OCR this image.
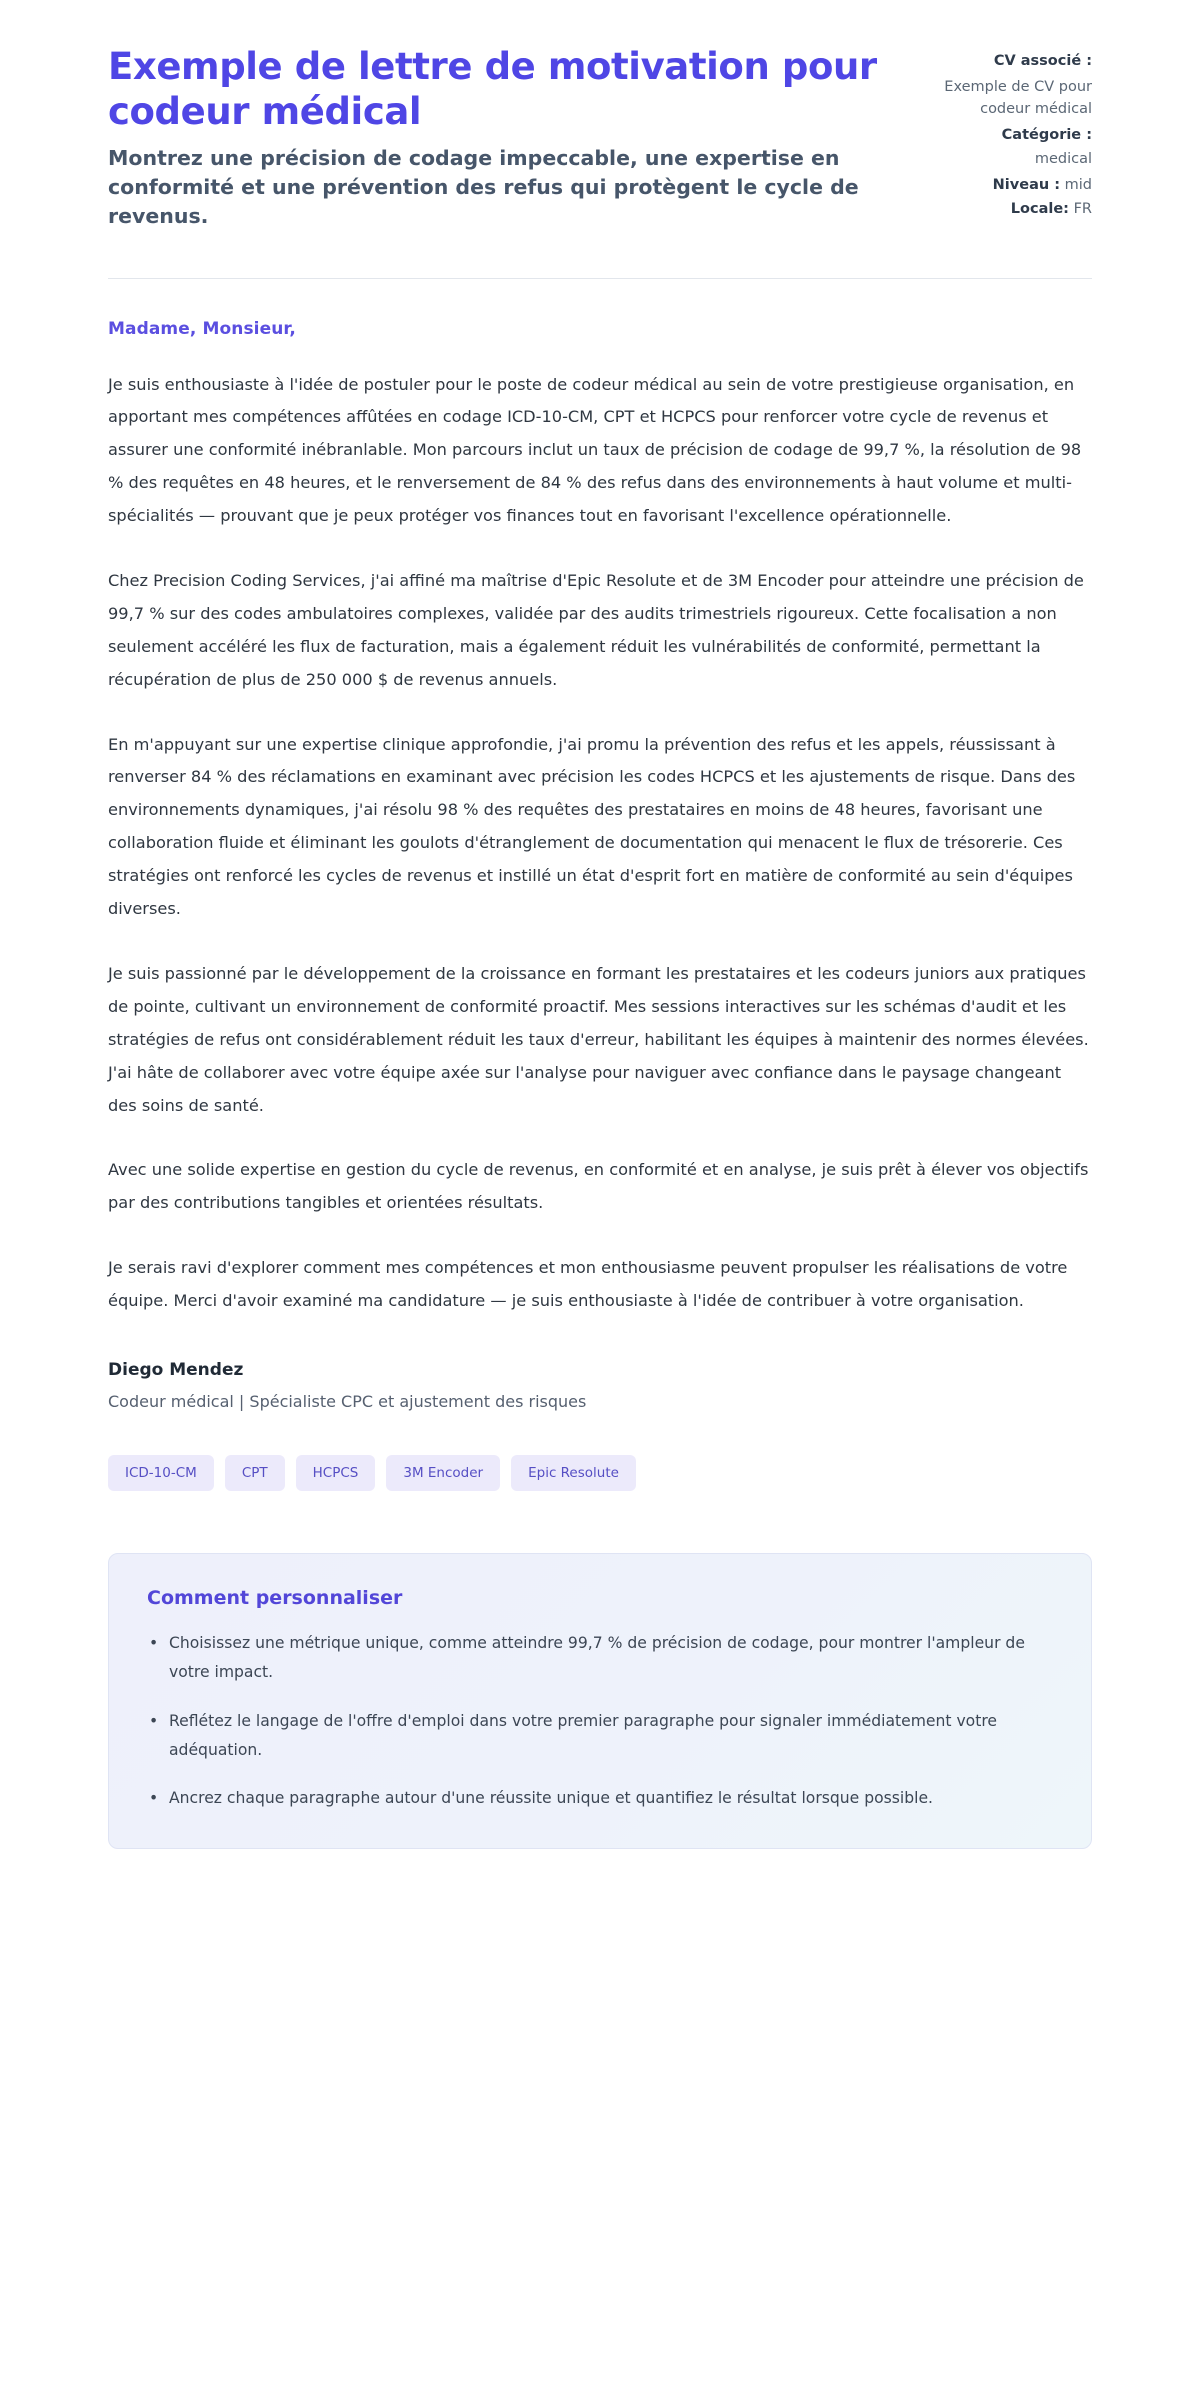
Exemple de lettre de motivation pour codeur médical

Montrez une précision de codage impeccable, une expertise en conformité et une prévention des refus qui protègent le cycle de revenus.

CV associé :
Exemple de CV pour codeur médical
Catégorie :
medical
Niveau : mid
Locale: FR

Madame, Monsieur,

Je suis enthousiaste à l'idée de postuler pour le poste de codeur médical au sein de votre prestigieuse organisation, en apportant mes compétences affûtées en codage ICD-10-CM, CPT et HCPCS pour renforcer votre cycle de revenus et assurer une conformité inébranlable. Mon parcours inclut un taux de précision de codage de 99,7 %, la résolution de 98 % des requêtes en 48 heures, et le renversement de 84 % des refus dans des environnements à haut volume et multi-spécialités — prouvant que je peux protéger vos finances tout en favorisant l'excellence opérationnelle.

Chez Precision Coding Services, j'ai affiné ma maîtrise d'Epic Resolute et de 3M Encoder pour atteindre une précision de 99,7 % sur des codes ambulatoires complexes, validée par des audits trimestriels rigoureux. Cette focalisation a non seulement accéléré les flux de facturation, mais a également réduit les vulnérabilités de conformité, permettant la récupération de plus de 250 000 $ de revenus annuels.

En m'appuyant sur une expertise clinique approfondie, j'ai promu la prévention des refus et les appels, réussissant à renverser 84 % des réclamations en examinant avec précision les codes HCPCS et les ajustements de risque. Dans des environnements dynamiques, j'ai résolu 98 % des requêtes des prestataires en moins de 48 heures, favorisant une collaboration fluide et éliminant les goulots d'étranglement de documentation qui menacent le flux de trésorerie. Ces stratégies ont renforcé les cycles de revenus et instillé un état d'esprit fort en matière de conformité au sein d'équipes diverses.

Je suis passionné par le développement de la croissance en formant les prestataires et les codeurs juniors aux pratiques de pointe, cultivant un environnement de conformité proactif. Mes sessions interactives sur les schémas d'audit et les stratégies de refus ont considérablement réduit les taux d'erreur, habilitant les équipes à maintenir des normes élevées. J'ai hâte de collaborer avec votre équipe axée sur l'analyse pour naviguer avec confiance dans le paysage changeant des soins de santé.

Avec une solide expertise en gestion du cycle de revenus, en conformité et en analyse, je suis prêt à élever vos objectifs par des contributions tangibles et orientées résultats.

Je serais ravi d'explorer comment mes compétences et mon enthousiasme peuvent propulser les réalisations de votre équipe. Merci d'avoir examiné ma candidature — je suis enthousiaste à l'idée de contribuer à votre organisation.

Diego Mendez

Codeur médical | Spécialiste CPC et ajustement des risques

ICD-10-CM	CPT	HCPCS	3M Encoder	Epic Resolute
Comment personnaliser
• Choisissez une métrique unique, comme atteindre 99,7 % de précision de codage, pour montrer l'ampleur de votre impact.
• Reflétez le langage de l'offre d'emploi dans votre premier paragraphe pour signaler immédiatement votre adéquation.
• Ancrez chaque paragraphe autour d'une réussite unique et quantifiez le résultat lorsque possible.
